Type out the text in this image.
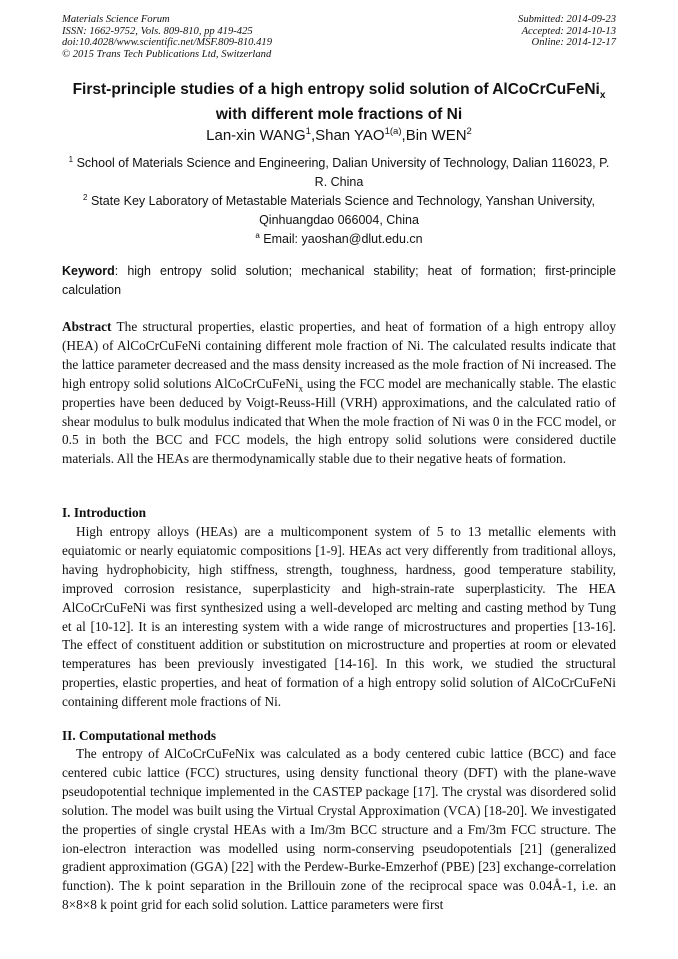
Materials Science Forum
ISSN: 1662-9752, Vols. 809-810, pp 419-425
doi:10.4028/www.scientific.net/MSF.809-810.419
© 2015 Trans Tech Publications Ltd, Switzerland
Submitted: 2014-09-23
Accepted: 2014-10-13
Online: 2014-12-17
First-principle studies of a high entropy solid solution of AlCoCrCuFeNi$_x$
with different mole fractions of Ni
Lan-xin WANG$^1$,Shan $YAO^{1(a)},Bin$ WEN$^2$
$^1$ School of Materials Science and Engineering, Dalian University of Technology, Dalian 116023, P. R. China
$^2$ State Key Laboratory of Metastable Materials Science and Technology, Yanshan University, Qinhuangdao 066004, China
$^a$ Email: yaoshan@dlut.edu.cn
Keyword: high entropy solid solution; mechanical stability; heat of formation; first-principle calculation
Abstract The structural properties, elastic properties, and heat of formation of a high entropy alloy (HEA) of AlCoCrCuFeNi containing different mole fraction of Ni. The calculated results indicate that the lattice parameter decreased and the mass density increased as the mole fraction of Ni increased. The high entropy solid solutions AlCoCrCuFeNi$_x$ using the FCC model are mechanically stable. The elastic properties have been deduced by Voigt-Reuss-Hill (VRH) approximations, and the calculated ratio of shear modulus to bulk modulus indicated that When the mole fraction of Ni was 0 in the FCC model, or 0.5 in both the BCC and FCC models, the high entropy solid solutions were considered ductile materials. All the HEAs are thermodynamically stable due to their negative heats of formation.
I. Introduction
High entropy alloys (HEAs) are a multicomponent system of 5 to 13 metallic elements with equiatomic or nearly equiatomic compositions [1-9]. HEAs act very differently from traditional alloys, having hydrophobicity, high stiffness, strength, toughness, hardness, good temperature stability, improved corrosion resistance, superplasticity and high-strain-rate superplasticity. The HEA AlCoCrCuFeNi was first synthesized using a well-developed arc melting and casting method by Tung et al [10-12]. It is an interesting system with a wide range of microstructures and properties [13-16]. The effect of constituent addition or substitution on microstructure and properties at room or elevated temperatures has been previously investigated [14-16]. In this work, we studied the structural properties, elastic properties, and heat of formation of a high entropy solid solution of AlCoCrCuFeNi containing different mole fractions of Ni.
II. Computational methods
The entropy of AlCoCrCuFeNix was calculated as a body centered cubic lattice (BCC) and face centered cubic lattice (FCC) structures, using density functional theory (DFT) with the plane-wave pseudopotential technique implemented in the CASTEP package [17]. The crystal was disordered solid solution. The model was built using the Virtual Crystal Approximation (VCA) [18-20]. We investigated the properties of single crystal HEAs with a Im/3m BCC structure and a Fm/3m FCC structure. The ion-electron interaction was modelled using norm-conserving pseudopotentials [21] (generalized gradient approximation (GGA) [22] with the Perdew-Burke-Emzerhof (PBE) [23] exchange-correlation function). The k point separation in the Brillouin zone of the reciprocal space was 0.04Å-1, i.e. an 8×8×8 k point grid for each solid solution. Lattice parameters were first
